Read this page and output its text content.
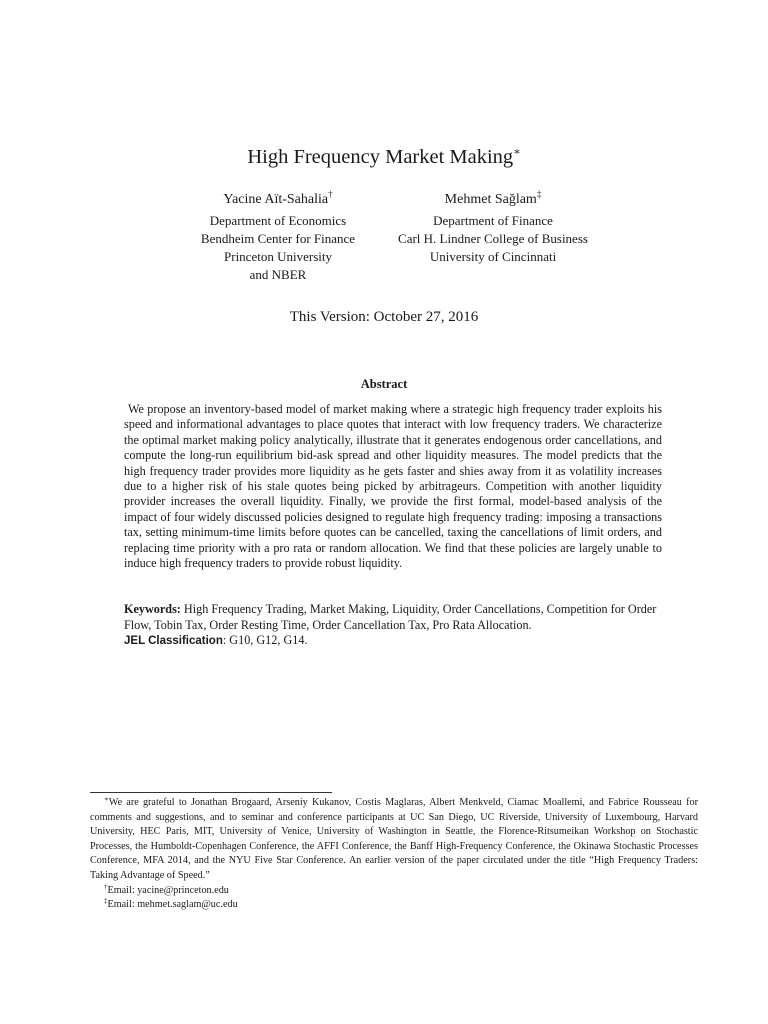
High Frequency Market Making∗
Yacine Aït-Sahalia†
Department of Economics
Bendheim Center for Finance
Princeton University
and NBER
Mehmet Sağlam‡
Department of Finance
Carl H. Lindner College of Business
University of Cincinnati
This Version: October 27, 2016
Abstract
We propose an inventory-based model of market making where a strategic high frequency trader exploits his speed and informational advantages to place quotes that interact with low frequency traders. We characterize the optimal market making policy analytically, illustrate that it generates endogenous order cancellations, and compute the long-run equilibrium bid-ask spread and other liquidity measures. The model predicts that the high frequency trader provides more liquidity as he gets faster and shies away from it as volatility increases due to a higher risk of his stale quotes being picked by arbitrageurs. Competition with another liquidity provider increases the overall liquidity. Finally, we provide the first formal, model-based analysis of the impact of four widely discussed policies designed to regulate high frequency trading: imposing a transactions tax, setting minimum-time limits before quotes can be cancelled, taxing the cancellations of limit orders, and replacing time priority with a pro rata or random allocation. We find that these policies are largely unable to induce high frequency traders to provide robust liquidity.
Keywords: High Frequency Trading, Market Making, Liquidity, Order Cancellations, Competition for Order Flow, Tobin Tax, Order Resting Time, Order Cancellation Tax, Pro Rata Allocation.
JEL Classification: G10, G12, G14.

∗We are grateful to Jonathan Brogaard, Arseniy Kukanov, Costis Maglaras, Albert Menkveld, Ciamac Moallemi, and Fabrice Rousseau for comments and suggestions, and to seminar and conference participants at UC San Diego, UC Riverside, University of Luxembourg, Harvard University, HEC Paris, MIT, University of Venice, University of Washington in Seattle, the Florence-Ritsumeikan Workshop on Stochastic Processes, the Humboldt-Copenhagen Conference, the AFFI Conference, the Banff High-Frequency Conference, the Okinawa Stochastic Processes Conference, MFA 2014, and the NYU Five Star Conference. An earlier version of the paper circulated under the title “High Frequency Traders: Taking Advantage of Speed.”

†Email: yacine@princeton.edu

‡Email: mehmet.saglam@uc.edu
